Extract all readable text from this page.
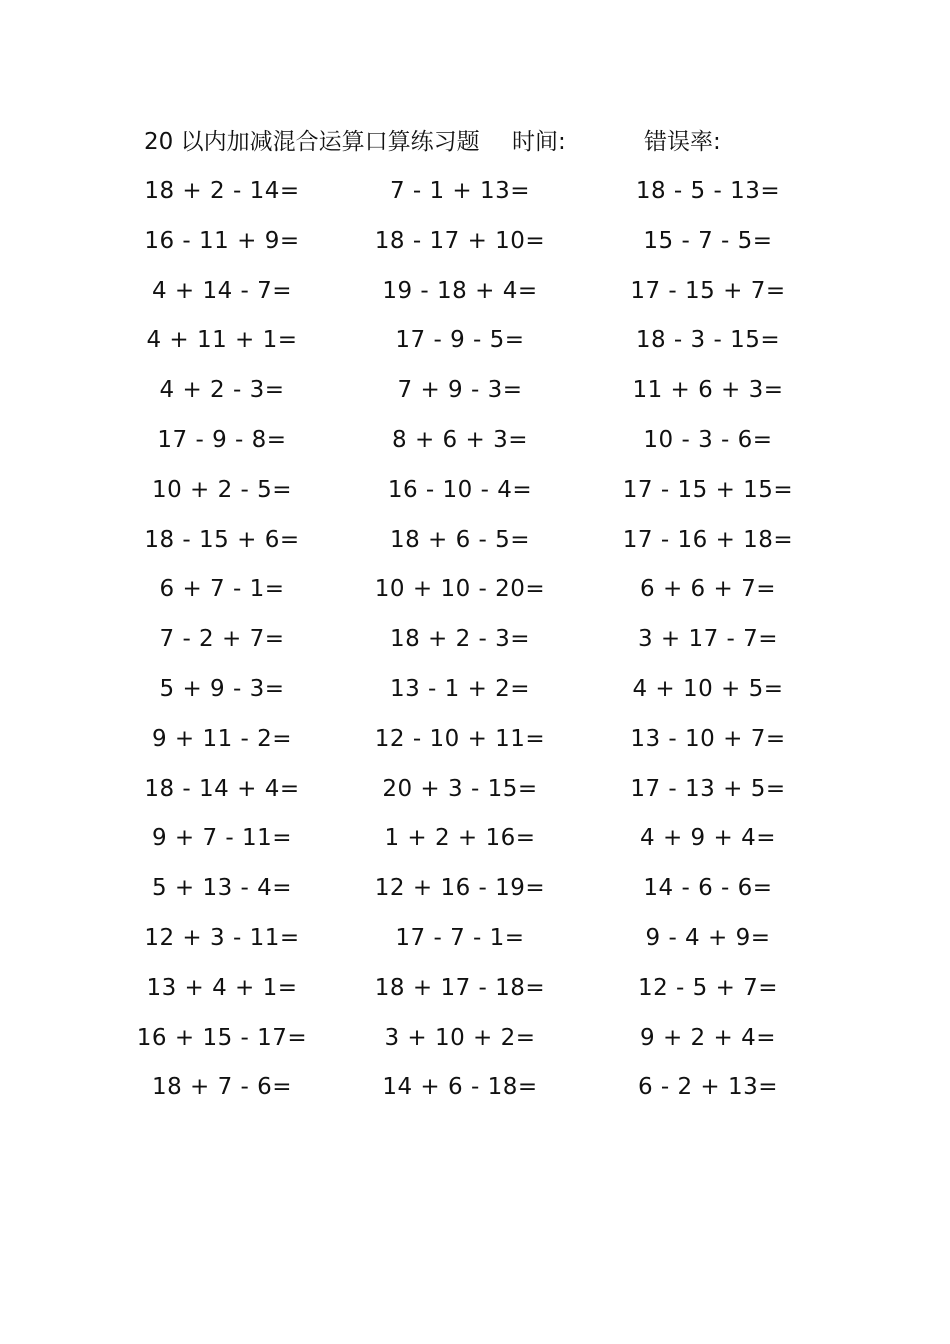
20 以内加减混合运算口算练习题 时间:	错误率:
18 + 2 - 14=	7 - 1 + 13=	18 - 5 - 13=
16 - 11 + 9=	18 - 17 + 10=	15 - 7 - 5=
4 + 14 - 7=	19 - 18 + 4=	17 - 15 + 7=
4 + 11 + 1=	17 - 9 - 5=	18 - 3 - 15=
4 + 2 - 3=	7 + 9 - 3=	11 + 6 + 3=
17 - 9 - 8=	8 + 6 + 3=	10 - 3 - 6=
10 + 2 - 5=	16 - 10 - 4=	17 - 15 + 15=
18 - 15 + 6=	18 + 6 - 5=	17 - 16 + 18=
6 + 7 - 1=	10 + 10 - 20=	6 + 6 + 7=
7 - 2 + 7=	18 + 2 - 3=	3 + 17 - 7=
5 + 9 - 3=	13 - 1 + 2=	4 + 10 + 5=
9 + 11 - 2=	12 - 10 + 11=	13 - 10 + 7=
18 - 14 + 4=	20 + 3 - 15=	17 - 13 + 5=
9 + 7 - 11=	1 + 2 + 16=	4 + 9 + 4=
5 + 13 - 4=	12 + 16 - 19=	14 - 6 - 6=
12 + 3 - 11=	17 - 7 - 1=	9 - 4 + 9=
13 + 4 + 1=	18 + 17 - 18=	12 - 5 + 7=
16 + 15 - 17=	3 + 10 + 2=	9 + 2 + 4=
18 + 7 - 6=	14 + 6 - 18=	6 - 2 + 13=
